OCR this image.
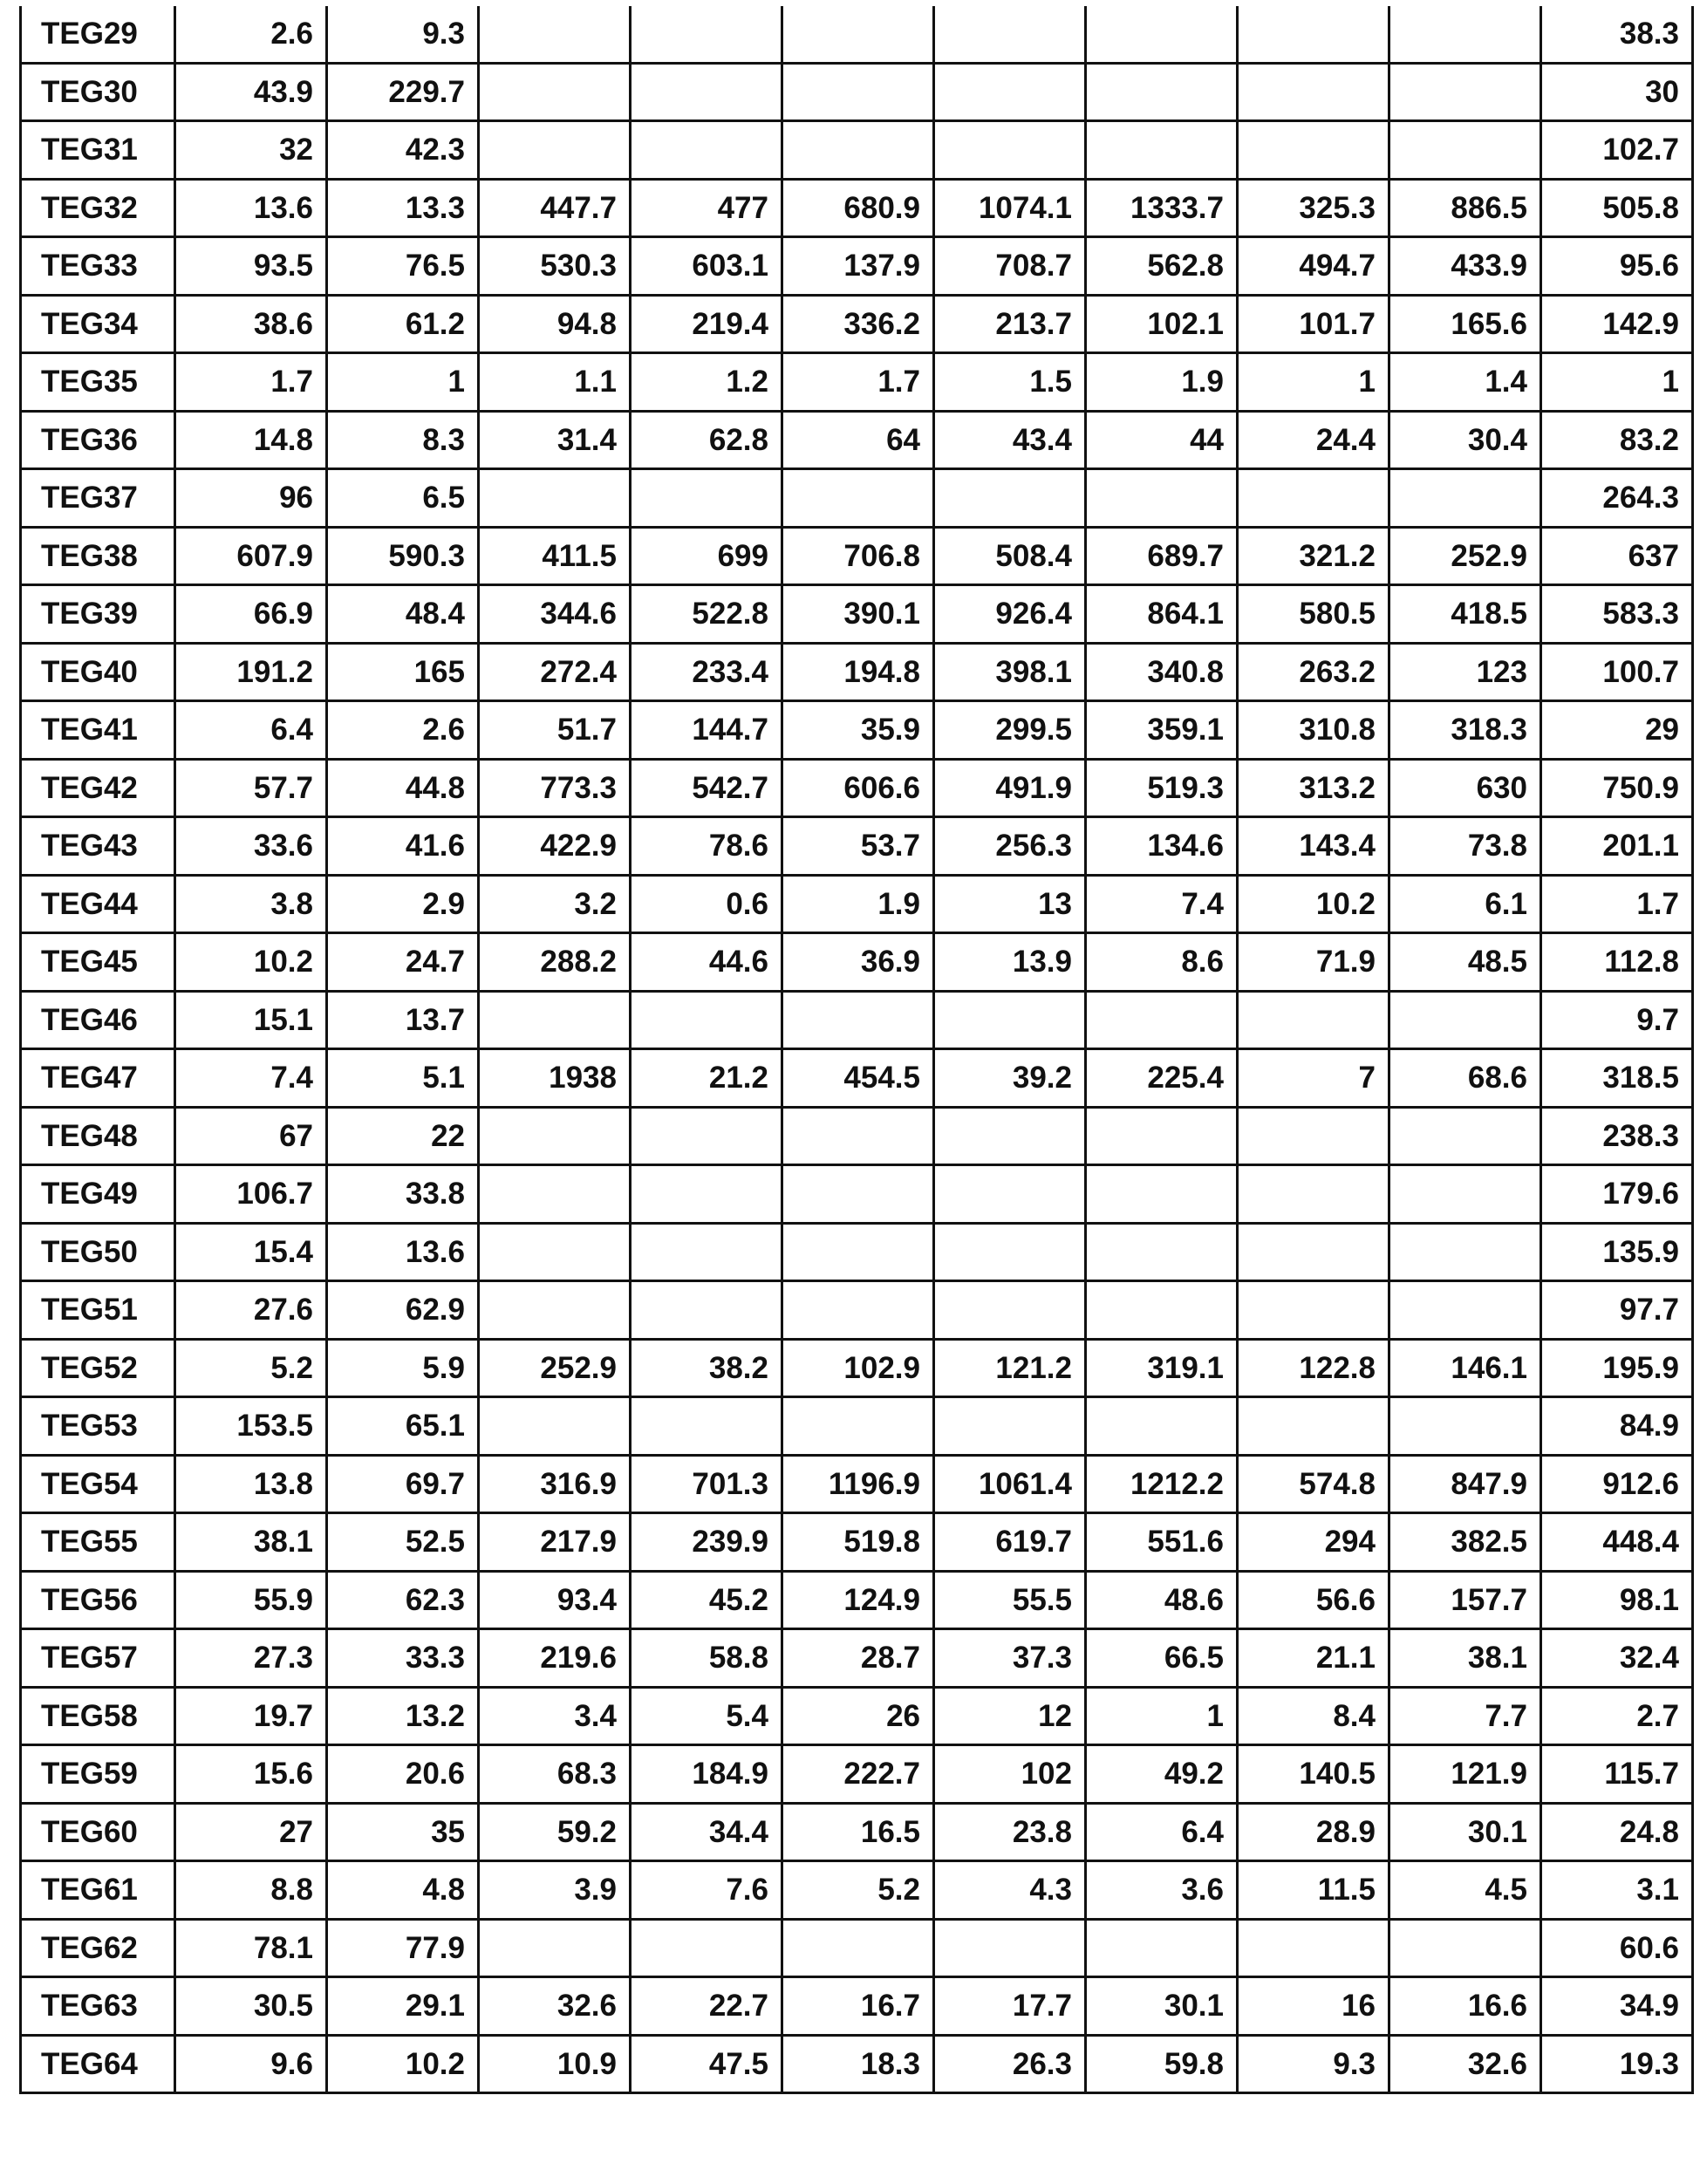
TEG29	2.6	9.3								38.3
TEG30	43.9	229.7								30
TEG31	32	42.3								102.7
TEG32	13.6	13.3	447.7	477	680.9	1074.1	1333.7	325.3	886.5	505.8
TEG33	93.5	76.5	530.3	603.1	137.9	708.7	562.8	494.7	433.9	95.6
TEG34	38.6	61.2	94.8	219.4	336.2	213.7	102.1	101.7	165.6	142.9
TEG35	1.7	1	1.1	1.2	1.7	1.5	1.9	1	1.4	1
TEG36	14.8	8.3	31.4	62.8	64	43.4	44	24.4	30.4	83.2
TEG37	96	6.5								264.3
TEG38	607.9	590.3	411.5	699	706.8	508.4	689.7	321.2	252.9	637
TEG39	66.9	48.4	344.6	522.8	390.1	926.4	864.1	580.5	418.5	583.3
TEG40	191.2	165	272.4	233.4	194.8	398.1	340.8	263.2	123	100.7
TEG41	6.4	2.6	51.7	144.7	35.9	299.5	359.1	310.8	318.3	29
TEG42	57.7	44.8	773.3	542.7	606.6	491.9	519.3	313.2	630	750.9
TEG43	33.6	41.6	422.9	78.6	53.7	256.3	134.6	143.4	73.8	201.1
TEG44	3.8	2.9	3.2	0.6	1.9	13	7.4	10.2	6.1	1.7
TEG45	10.2	24.7	288.2	44.6	36.9	13.9	8.6	71.9	48.5	112.8
TEG46	15.1	13.7								9.7
TEG47	7.4	5.1	1938	21.2	454.5	39.2	225.4	7	68.6	318.5
TEG48	67	22								238.3
TEG49	106.7	33.8								179.6
TEG50	15.4	13.6								135.9
TEG51	27.6	62.9								97.7
TEG52	5.2	5.9	252.9	38.2	102.9	121.2	319.1	122.8	146.1	195.9
TEG53	153.5	65.1								84.9
TEG54	13.8	69.7	316.9	701.3	1196.9	1061.4	1212.2	574.8	847.9	912.6
TEG55	38.1	52.5	217.9	239.9	519.8	619.7	551.6	294	382.5	448.4
TEG56	55.9	62.3	93.4	45.2	124.9	55.5	48.6	56.6	157.7	98.1
TEG57	27.3	33.3	219.6	58.8	28.7	37.3	66.5	21.1	38.1	32.4
TEG58	19.7	13.2	3.4	5.4	26	12	1	8.4	7.7	2.7
TEG59	15.6	20.6	68.3	184.9	222.7	102	49.2	140.5	121.9	115.7
TEG60	27	35	59.2	34.4	16.5	23.8	6.4	28.9	30.1	24.8
TEG61	8.8	4.8	3.9	7.6	5.2	4.3	3.6	11.5	4.5	3.1
TEG62	78.1	77.9								60.6
TEG63	30.5	29.1	32.6	22.7	16.7	17.7	30.1	16	16.6	34.9
TEG64	9.6	10.2	10.9	47.5	18.3	26.3	59.8	9.3	32.6	19.3
